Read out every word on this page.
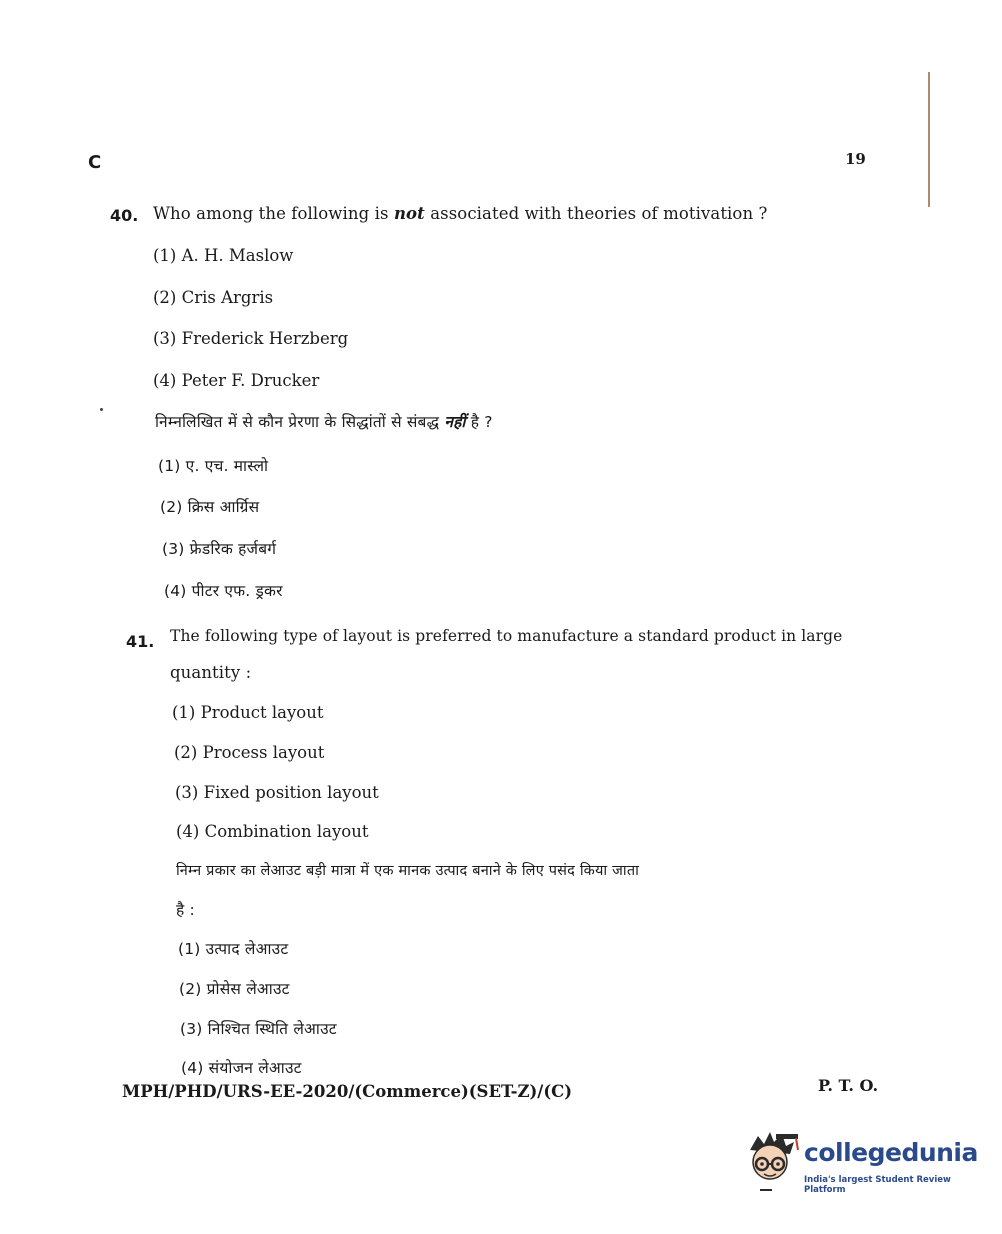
C	19
40. Who among the following is not associated with theories of motivation ?
(1) A. H. Maslow
(2) Cris Argris
(3) Frederick Herzberg
(4) Peter F. Drucker
निम्नलिखित में से कौन प्रेरणा के सिद्धांतों से संबद्ध नहीं है ?
(1) ए. एच. मास्लो
(2) क्रिस आर्ग्रिस
(3) फ्रेडरिक हर्जबर्ग
(4) पीटर एफ. ड्रकर
41. The following type of layout is preferred to manufacture a standard product in large
quantity :
(1) Product layout
(2) Process layout
(3) Fixed position layout
(4) Combination layout
निम्न प्रकार का लेआउट बड़ी मात्रा में एक मानक उत्पाद बनाने के लिए पसंद किया जाता
है :
(1) उत्पाद लेआउट
(2) प्रोसेस लेआउट
(3) निश्चित स्थिति लेआउट
(4) संयोजन लेआउट
MPH/PHD/URS-EE-2020/(Commerce)(SET-Z)/(C)	P. T. O.
collegedunia
India's largest Student Review Platform
